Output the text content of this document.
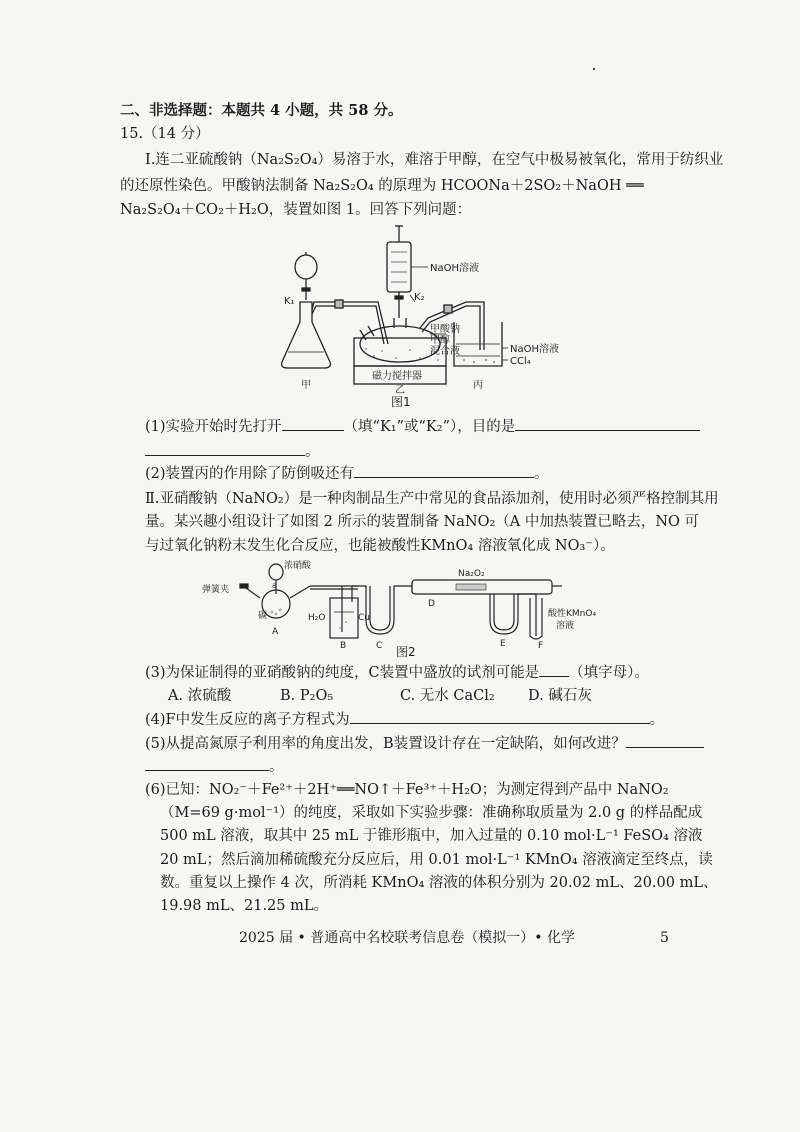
二、非选择题：本题共 4 小题，共 58 分。
15.（14 分）
Ⅰ.连二亚硫酸钠（Na₂S₂O₄）易溶于水，难溶于甲醇，在空气中极易被氧化，常用于纺织业
的还原性染色。甲酸钠法制备 Na₂S₂O₄ 的原理为 HCOONa＋2SO₂＋NaOH ══
Na₂S₂O₄＋CO₂＋H₂O，装置如图 1。回答下列问题：
NaOH溶液
K₁	K₂
甲酸钠
甲醇
混合液
磁力搅拌器
NaOH溶液
CCl₄
甲	乙	丙
图1
(1)实验开始时先打开	（填“K₁”或“K₂”），目的是
。
(2)装置丙的作用除了防倒吸还有	。
Ⅱ.亚硝酸钠（NaNO₂）是一种肉制品生产中常见的食品添加剂，使用时必须严格控制其用
量。某兴趣小组设计了如图 2 所示的装置制备 NaNO₂（A 中加热装置已略去，NO 可
与过氧化钠粉末发生化合反应，也能被酸性KMnO₄ 溶液氧化成 NO₃⁻）。
浓硝酸
a
弹簧夹
碳
A
H₂O	Cu
B	C
Na₂O₂
D
E	F
酸性KMnO₄
溶液
图2
(3)为保证制得的亚硝酸钠的纯度，C装置中盛放的试剂可能是 （填字母）。
A. 浓硫酸	B. P₂O₅	C. 无水 CaCl₂ D. 碱石灰
(4)F中发生反应的离子方程式为	。
(5)从提高氮原子利用率的角度出发，B装置设计存在一定缺陷，如何改进？
。
(6)已知：NO₂⁻＋Fe²⁺＋2H⁺══NO↑＋Fe³⁺＋H₂O；为测定得到产品中 NaNO₂
（M=69 g·mol⁻¹）的纯度，采取如下实验步骤：准确称取质量为 2.0 g 的样品配成
500 mL 溶液，取其中 25 mL 于锥形瓶中，加入过量的 0.10 mol·L⁻¹ FeSO₄ 溶液
20 mL；然后滴加稀硫酸充分反应后，用 0.01 mol·L⁻¹ KMnO₄ 溶液滴定至终点，读
数。重复以上操作 4 次，所消耗 KMnO₄ 溶液的体积分别为 20.02 mL、20.00 mL、
19.98 mL、21.25 mL。
2025 届 • 普通高中名校联考信息卷（模拟一）• 化学	5
